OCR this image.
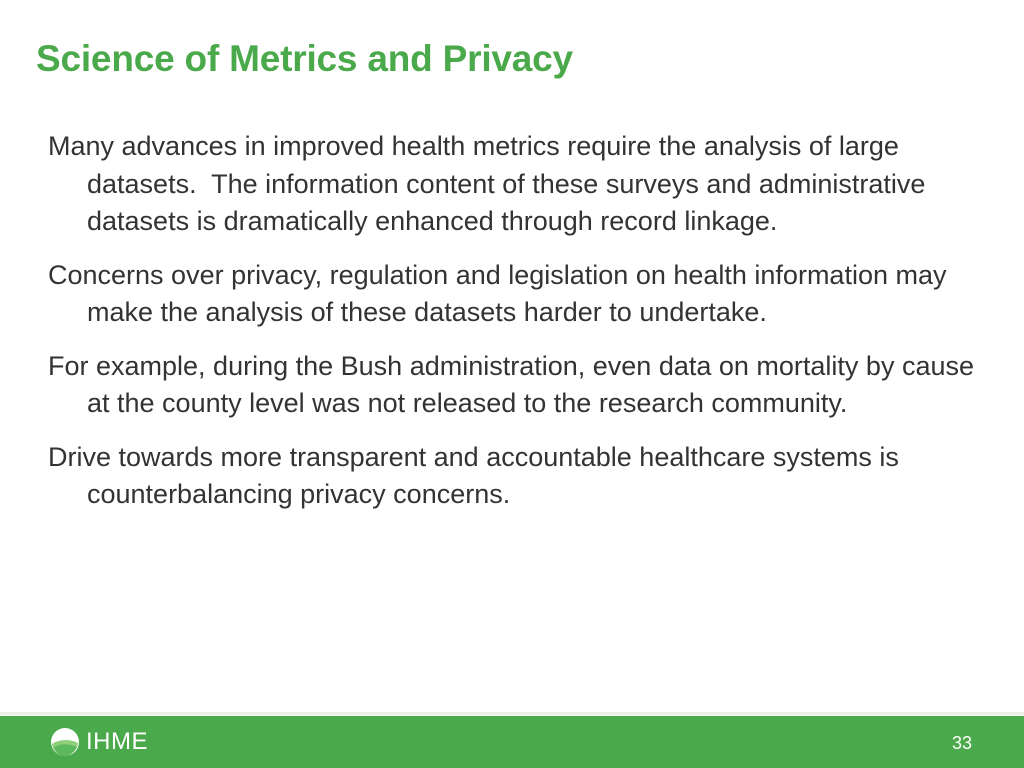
Science of Metrics and Privacy
Many advances in improved health metrics require the analysis of large datasets.  The information content of these surveys and administrative datasets is dramatically enhanced through record linkage.
Concerns over privacy, regulation and legislation on health information may make the analysis of these datasets harder to undertake.
For example, during the Bush administration, even data on mortality by cause at the county level was not released to the research community.
Drive towards more transparent and accountable healthcare systems is counterbalancing privacy concerns.
IHME	33
